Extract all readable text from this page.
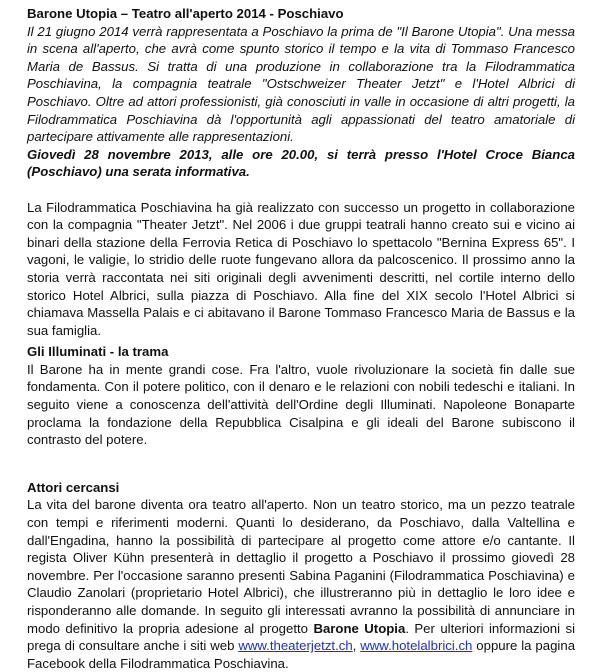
Barone Utopia – Teatro all'aperto 2014 - Poschiavo

Il 21 giugno 2014 verrà rappresentata a Poschiavo la prima de "Il Barone Utopia". Una messa in scena all'aperto, che avrà come spunto storico il tempo e la vita di Tommaso Francesco Maria de Bassus. Si tratta di una produzione in collaborazione tra la Filodrammatica Poschiavina, la compagnia teatrale "Ostschweizer Theater Jetzt" e l'Hotel Albrici di Poschiavo. Oltre ad attori professionisti, già conosciuti in valle in occasione di altri progetti, la Filodrammatica Poschiavina dà l'opportunità agli appassionati del teatro amatoriale di partecipare attivamente alle rappresentazioni.

Giovedì 28 novembre 2013, alle ore 20.00, si terrà presso l'Hotel Croce Bianca (Poschiavo) una serata informativa.

La Filodrammatica Poschiavina ha già realizzato con successo un progetto in collaborazione con la compagnia "Theater Jetzt". Nel 2006 i due gruppi teatrali hanno creato sui e vicino ai binari della stazione della Ferrovia Retica di Poschiavo lo spettacolo "Bernina Express 65". I vagoni, le valigie, lo stridio delle ruote fungevano allora da palcoscenico. Il prossimo anno la storia verrà raccontata nei siti originali degli avvenimenti descritti, nel cortile interno dello storico Hotel Albrici, sulla piazza di Poschiavo. Alla fine del XIX secolo l'Hotel Albrici si chiamava Massella Palais e ci abitavano il Barone Tommaso Francesco Maria de Bassus e la sua famiglia.

Gli Illuminati - la trama

Il Barone ha in mente grandi cose. Fra l'altro, vuole rivoluzionare la società fin dalle sue fondamenta. Con il potere politico, con il denaro e le relazioni con nobili tedeschi e italiani. In seguito viene a conoscenza dell'attività dell'Ordine degli Illuminati. Napoleone Bonaparte proclama la fondazione della Repubblica Cisalpina e gli ideali del Barone subiscono il contrasto del potere.

Attori cercansi

La vita del barone diventa ora teatro all'aperto. Non un teatro storico, ma un pezzo teatrale con tempi e riferimenti moderni. Quanti lo desiderano, da Poschiavo, dalla Valtellina e dall'Engadina, hanno la possibilità di partecipare al progetto come attore e/o cantante. Il regista Oliver Kühn presenterà in dettaglio il progetto a Poschiavo il prossimo giovedì 28 novembre. Per l'occasione saranno presenti Sabina Paganini (Filodrammatica Poschiavina) e Claudio Zanolari (proprietario Hotel Albrici), che illustreranno più in dettaglio le loro idee e risponderanno alle domande. In seguito gli interessati avranno la possibilità di annunciare in modo definitivo la propria adesione al progetto Barone Utopia. Per ulteriori informazioni si prega di consultare anche i siti web www.theaterjetzt.ch, www.hotelalbrici.ch oppure la pagina Facebook della Filodrammatica Poschiavina.
